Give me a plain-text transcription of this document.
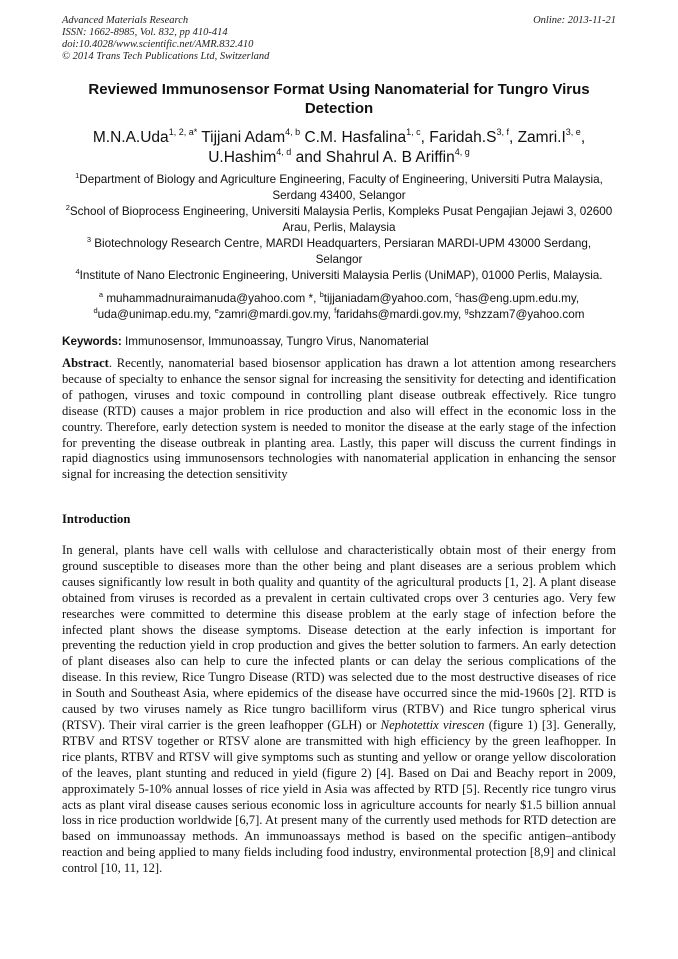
Advanced Materials Research
ISSN: 1662-8985, Vol. 832, pp 410-414
doi:10.4028/www.scientific.net/AMR.832.410
© 2014 Trans Tech Publications Ltd, Switzerland
Online: 2013-11-21
Reviewed Immunosensor Format Using Nanomaterial for Tungro Virus Detection
M.N.A.Uda$^{1, 2, a*}$ Tijjani Adam$^{4, b}$ C.M. Hasfalina$^{1, c}$, $Faridah.S^{3, f}$, $Zamri.I^{3, e}$, U.Hashim$^{4, d}$ and Shahrul A. B Ariffin$^{4, g}$

$^1$Department of Biology and Agriculture Engineering, Faculty of Engineering, Universiti Putra Malaysia, Serdang 43400, Selangor

$^2$School of Bioprocess Engineering, Universiti Malaysia Perlis, Kompleks Pusat Pengajian Jejawi 3, 02600 Arau, Perlis, Malaysia

$^3$ Biotechnology Research Centre, MARDI Headquarters, Persiaran MARDI-UPM 43000 Serdang, Selangor

$^4$Institute of Nano Electronic Engineering, Universiti Malaysia Perlis (UniMAP), 01000 Perlis, Malaysia.

$^a$ muhammadnuraimanuda@yahoo.com *, $^b$tijjaniadam@yahoo.com, $^c$has@eng.upm.edu.my,
$^d$uda@unimap.edu.my, $^e$zamri@mardi.gov.my, $^f$faridahs@mardi.gov.my, $^g$shzzam7@yahoo.com
Keywords: Immunosensor, Immunoassay, Tungro Virus, Nanomaterial

Abstract. Recently, nanomaterial based biosensor application has drawn a lot attention among researchers because of specialty to enhance the sensor signal for increasing the sensitivity for detecting and identification of pathogen, viruses and toxic compound in controlling plant disease outbreak effectively. Rice tungro disease (RTD) causes a major problem in rice production and also will effect in the economic loss in the country. Therefore, early detection system is needed to monitor the disease at the early stage of the infection for preventing the disease outbreak in planting area. Lastly, this paper will discuss the current findings in rapid diagnostics using immunosensors technologies with nanomaterial application in enhancing the sensor signal for increasing the detection sensitivity

Introduction

In general, plants have cell walls with cellulose and characteristically obtain most of their energy from ground susceptible to diseases more than the other being and plant diseases are a serious problem which causes significantly low result in both quality and quantity of the agricultural products [1, 2]. A plant disease obtained from viruses is recorded as a prevalent in certain cultivated crops over 3 centuries ago. Very few researches were committed to determine this disease problem at the early stage of infection before the infected plant shows the disease symptoms. Disease detection at the early infection is important for preventing the reduction yield in crop production and gives the better solution to farmers. An early detection of plant diseases also can help to cure the infected plants or can delay the serious complications of the disease. In this review, Rice Tungro Disease (RTD) was selected due to the most destructive diseases of rice in South and Southeast Asia, where epidemics of the disease have occurred since the mid-1960s [2]. RTD is caused by two viruses namely as Rice tungro bacilliform virus (RTBV) and Rice tungro spherical virus (RTSV). Their viral carrier is the green leafhopper (GLH) or Nephotettix virescen (figure 1) [3]. Generally, RTBV and RTSV together or RTSV alone are transmitted with high efficiency by the green leafhopper. In rice plants, RTBV and RTSV will give symptoms such as stunting and yellow or orange yellow discoloration of the leaves, plant stunting and reduced in yield (figure 2) [4]. Based on Dai and Beachy report in 2009, approximately 5-10% annual losses of rice yield in Asia was affected by RTD [5]. Recently rice tungro virus acts as plant viral disease causes serious economic loss in agriculture accounts for nearly $1.5 billion annual loss in rice production worldwide [6,7]. At present many of the currently used methods for RTD detection are based on immunoassay methods. An immunoassays method is based on the specific antigen–antibody reaction and being applied to many fields including food industry, environmental protection [8,9] and clinical control [10, 11, 12].
